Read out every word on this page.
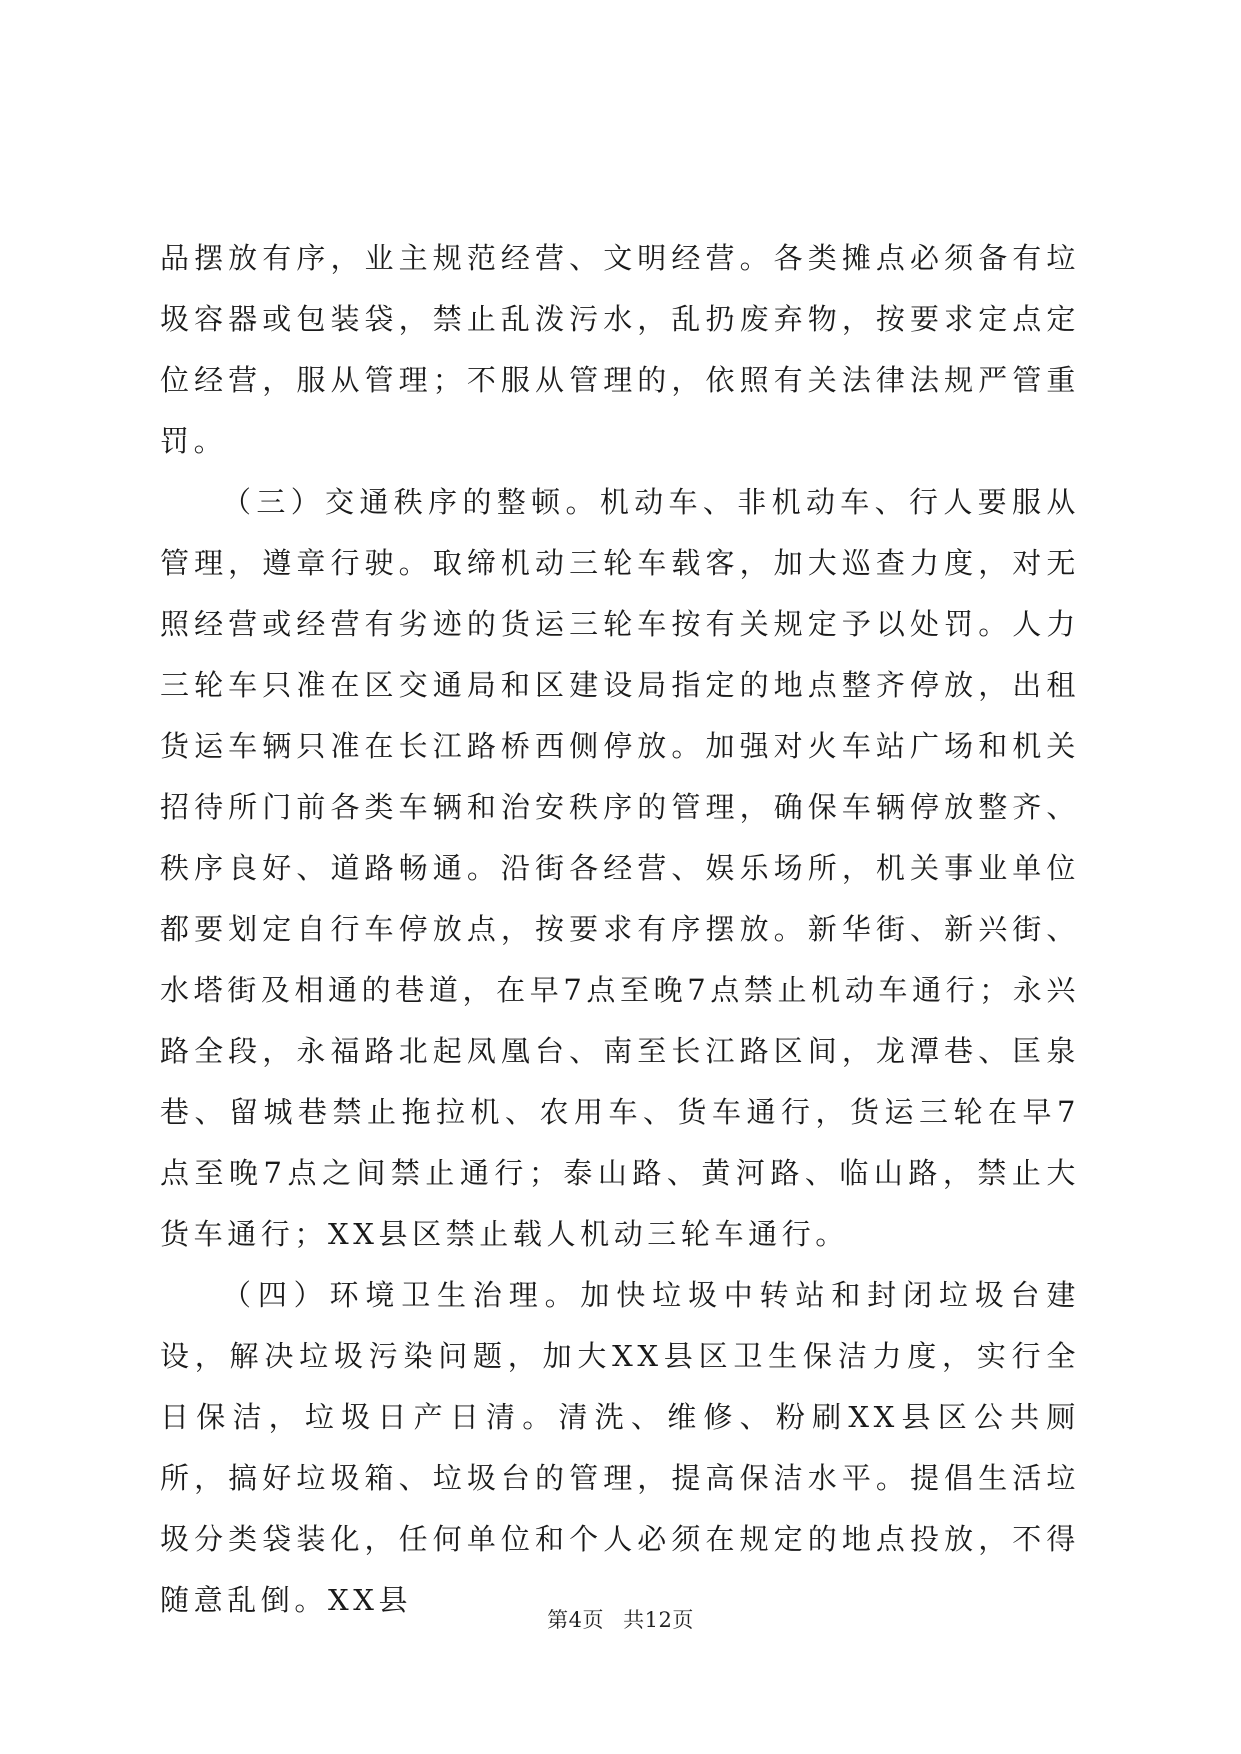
品摆放有序，业主规范经营、文明经营。各类摊点必须备有垃圾容器或包装袋，禁止乱泼污水，乱扔废弃物，按要求定点定位经营，服从管理；不服从管理的，依照有关法律法规严管重罚。

（三）交通秩序的整顿。机动车、非机动车、行人要服从管理，遵章行驶。取缔机动三轮车载客，加大巡查力度，对无照经营或经营有劣迹的货运三轮车按有关规定予以处罚。人力三轮车只准在区交通局和区建设局指定的地点整齐停放，出租货运车辆只准在长江路桥西侧停放。加强对火车站广场和机关招待所门前各类车辆和治安秩序的管理，确保车辆停放整齐、秩序良好、道路畅通。沿街各经营、娱乐场所，机关事业单位都要划定自行车停放点，按要求有序摆放。新华街、新兴街、水塔街及相通的巷道，在早7点至晚7点禁止机动车通行；永兴路全段，永福路北起凤凰台、南至长江路区间，龙潭巷、匡泉巷、留城巷禁止拖拉机、农用车、货车通行，货运三轮在早7点至晚7点之间禁止通行；泰山路、黄河路、临山路，禁止大货车通行；XX县区禁止载人机动三轮车通行。

（四）环境卫生治理。加快垃圾中转站和封闭垃圾台建设，解决垃圾污染问题，加大XX县区卫生保洁力度，实行全日保洁，垃圾日产日清。清洗、维修、粉刷XX县区公共厕所，搞好垃圾箱、垃圾台的管理，提高保洁水平。提倡生活垃圾分类袋装化，任何单位和个人必须在规定的地点投放，不得随意乱倒。XX县

第4页 共12页
